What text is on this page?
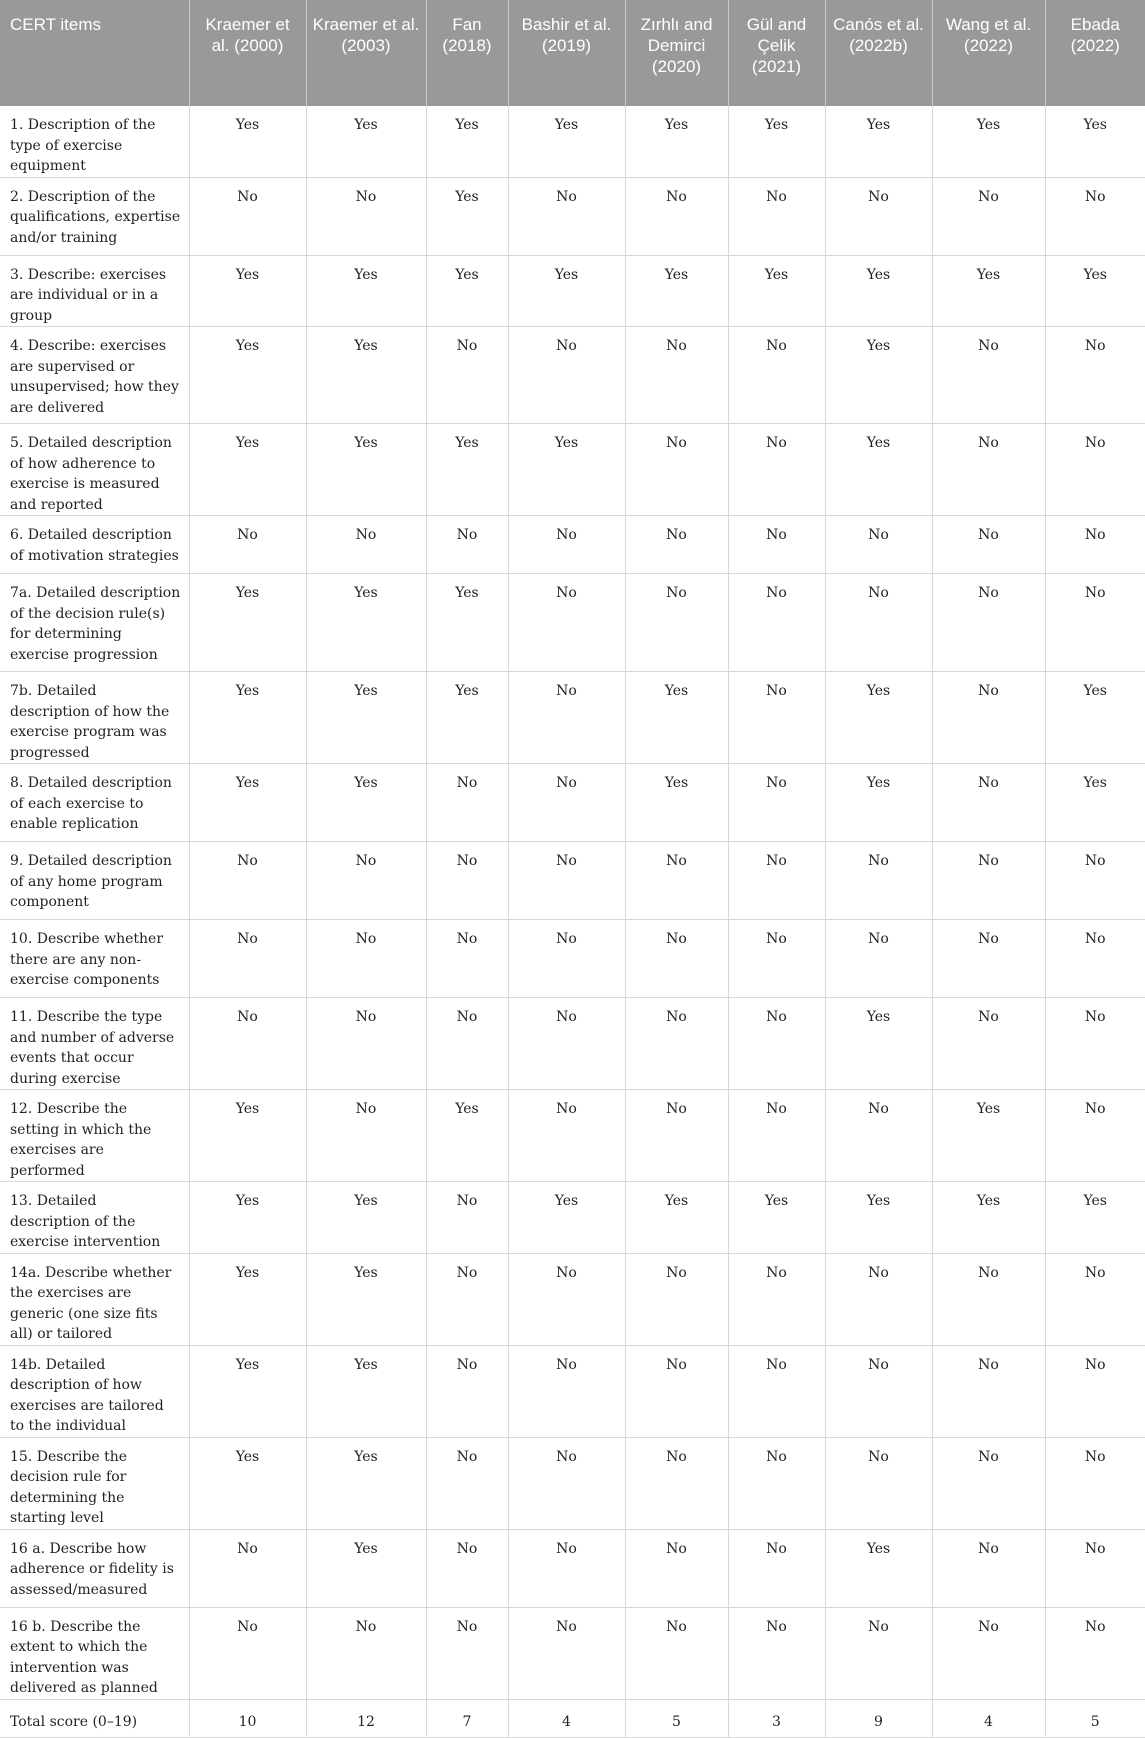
CERT items	Kraemer et al. (2000)	Kraemer et al. (2003)	Fan (2018)	Bashir et al. (2019)	Zırhlı and Demirci (2020)	Gül and Çelik (2021)	Canós et al. (2022b)	Wang et al. (2022)	Ebada (2022)

1. Description of the type of exercise equipment	Yes	Yes	Yes	Yes	Yes	Yes	Yes	Yes	Yes
2. Description of the qualifications, expertise and/or training	No	No	Yes	No	No	No	No	No	No
3. Describe: exercises are individual or in a group	Yes	Yes	Yes	Yes	Yes	Yes	Yes	Yes	Yes
4. Describe: exercises are supervised or unsupervised; how they are delivered	Yes	Yes	No	No	No	No	Yes	No	No
5. Detailed description of how adherence to exercise is measured and reported	Yes	Yes	Yes	Yes	No	No	Yes	No	No
6. Detailed description of motivation strategies	No	No	No	No	No	No	No	No	No
7a. Detailed description of the decision rule(s) for determining exercise progression	Yes	Yes	Yes	No	No	No	No	No	No
7b. Detailed description of how the exercise program was progressed	Yes	Yes	Yes	No	Yes	No	Yes	No	Yes
8. Detailed description of each exercise to enable replication	Yes	Yes	No	No	Yes	No	Yes	No	Yes
9. Detailed description of any home program component	No	No	No	No	No	No	No	No	No
10. Describe whether there are any non-exercise components	No	No	No	No	No	No	No	No	No
11. Describe the type and number of adverse events that occur during exercise	No	No	No	No	No	No	Yes	No	No
12. Describe the setting in which the exercises are performed	Yes	No	Yes	No	No	No	No	Yes	No
13. Detailed description of the exercise intervention	Yes	Yes	No	Yes	Yes	Yes	Yes	Yes	Yes
14a. Describe whether the exercises are generic (one size fits all) or tailored	Yes	Yes	No	No	No	No	No	No	No
14b. Detailed description of how exercises are tailored to the individual	Yes	Yes	No	No	No	No	No	No	No
15. Describe the decision rule for determining the starting level	Yes	Yes	No	No	No	No	No	No	No
16 a. Describe how adherence or fidelity is assessed/measured	No	Yes	No	No	No	No	Yes	No	No
16 b. Describe the extent to which the intervention was delivered as planned	No	No	No	No	No	No	No	No	No
Total score (0–19)	10	12	7	4	5	3	9	4	5
